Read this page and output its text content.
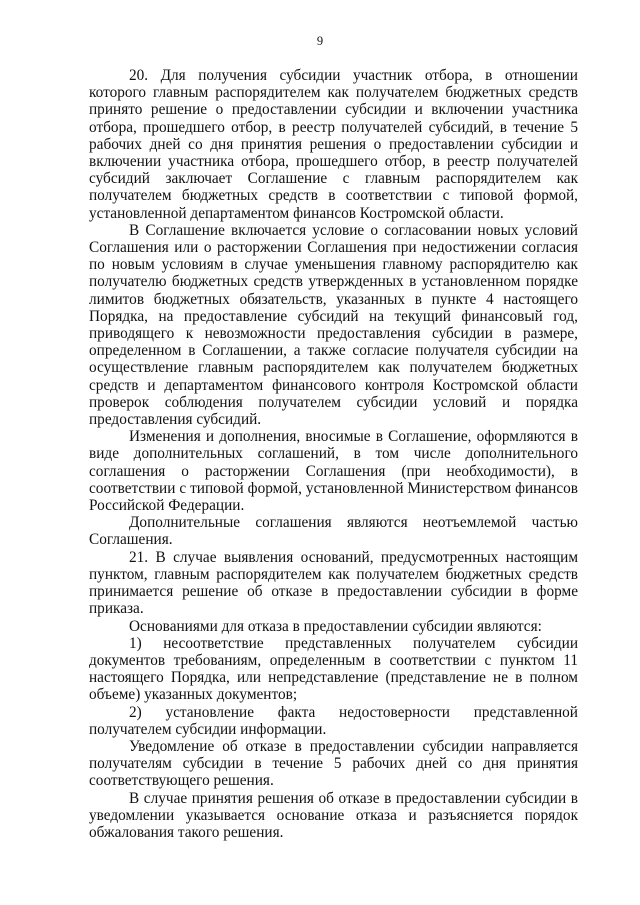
9

20. Для получения субсидии участник отбора, в отношении которого главным распорядителем как получателем бюджетных средств принято решение о предоставлении субсидии и включении участника отбора, прошедшего отбор, в реестр получателей субсидий, в течение 5 рабочих дней со дня принятия решения о предоставлении субсидии и включении участника отбора, прошедшего отбор, в реестр получателей субсидий заключает Соглашение с главным распорядителем как получателем бюджетных средств в соответствии с типовой формой, установленной департаментом финансов Костромской области.

В Соглашение включается условие о согласовании новых условий Соглашения или о расторжении Соглашения при недостижении согласия по новым условиям в случае уменьшения главному распорядителю как получателю бюджетных средств утвержденных в установленном порядке лимитов бюджетных обязательств, указанных в пункте 4 настоящего Порядка, на предоставление субсидий на текущий финансовый год, приводящего к невозможности предоставления субсидии в размере, определенном в Соглашении, а также согласие получателя субсидии на осуществление главным распорядителем как получателем бюджетных средств и департаментом финансового контроля Костромской области проверок соблюдения получателем субсидии условий и порядка предоставления субсидий.

Изменения и дополнения, вносимые в Соглашение, оформляются в виде дополнительных соглашений, в том числе дополнительного соглашения о расторжении Соглашения (при необходимости), в соответствии с типовой формой, установленной Министерством финансов Российской Федерации.

Дополнительные соглашения являются неотъемлемой частью Соглашения.

21. В случае выявления оснований, предусмотренных настоящим пунктом, главным распорядителем как получателем бюджетных средств принимается решение об отказе в предоставлении субсидии в форме приказа.

Основаниями для отказа в предоставлении субсидии являются:

1) несоответствие представленных получателем субсидии документов требованиям, определенным в соответствии с пунктом 11 настоящего Порядка, или непредставление (представление не в полном объеме) указанных документов;

2) установление факта недостоверности представленной получателем субсидии информации.

Уведомление об отказе в предоставлении субсидии направляется получателям субсидии в течение 5 рабочих дней со дня принятия соответствующего решения.

В случае принятия решения об отказе в предоставлении субсидии в уведомлении указывается основание отказа и разъясняется порядок обжалования такого решения.
